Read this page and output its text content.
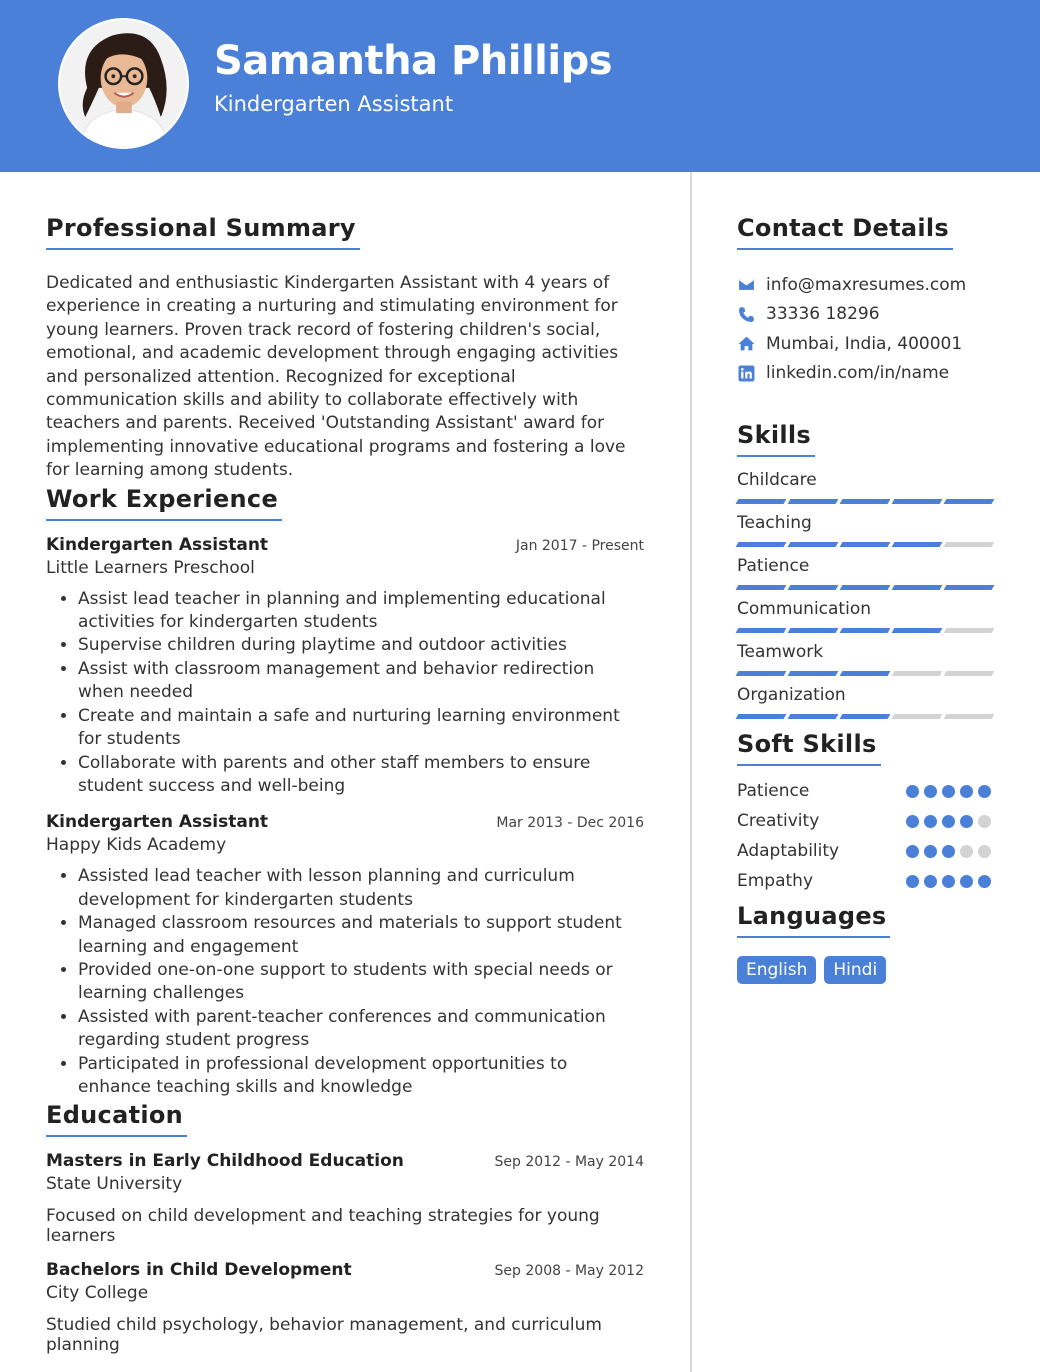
Samantha Phillips
Kindergarten Assistant
Professional Summary

Dedicated and enthusiastic Kindergarten Assistant with 4 years of experience in creating a nurturing and stimulating environment for young learners. Proven track record of fostering children's social, emotional, and academic development through engaging activities and personalized attention. Recognized for exceptional communication skills and ability to collaborate effectively with teachers and parents. Received 'Outstanding Assistant' award for implementing innovative educational programs and fostering a love for learning among students.

Work Experience
Kindergarten Assistant	Jan 2017 - Present
Little Learners Preschool
• Assist lead teacher in planning and implementing educational activities for kindergarten students
• Supervise children during playtime and outdoor activities
• Assist with classroom management and behavior redirection when needed
• Create and maintain a safe and nurturing learning environment for students
• Collaborate with parents and other staff members to ensure student success and well-being
Kindergarten Assistant	Mar 2013 - Dec 2016
Happy Kids Academy
• Assisted lead teacher with lesson planning and curriculum development for kindergarten students
• Managed classroom resources and materials to support student learning and engagement
• Provided one-on-one support to students with special needs or learning challenges
• Assisted with parent-teacher conferences and communication regarding student progress
• Participated in professional development opportunities to enhance teaching skills and knowledge
Education
Masters in Early Childhood Education	Sep 2012 - May 2014
State University
Focused on child development and teaching strategies for young learners
Bachelors in Child Development	Sep 2008 - May 2012
City College
Studied child psychology, behavior management, and curriculum planning
Contact Details
info@maxresumes.com
33336 18296
Mumbai, India, 400001
linkedin.com/in/name
Skills
Childcare
Teaching
Patience
Communication
Teamwork
Organization
Soft Skills
Patience
Creativity
Adaptability
Empathy
Languages
English	Hindi
